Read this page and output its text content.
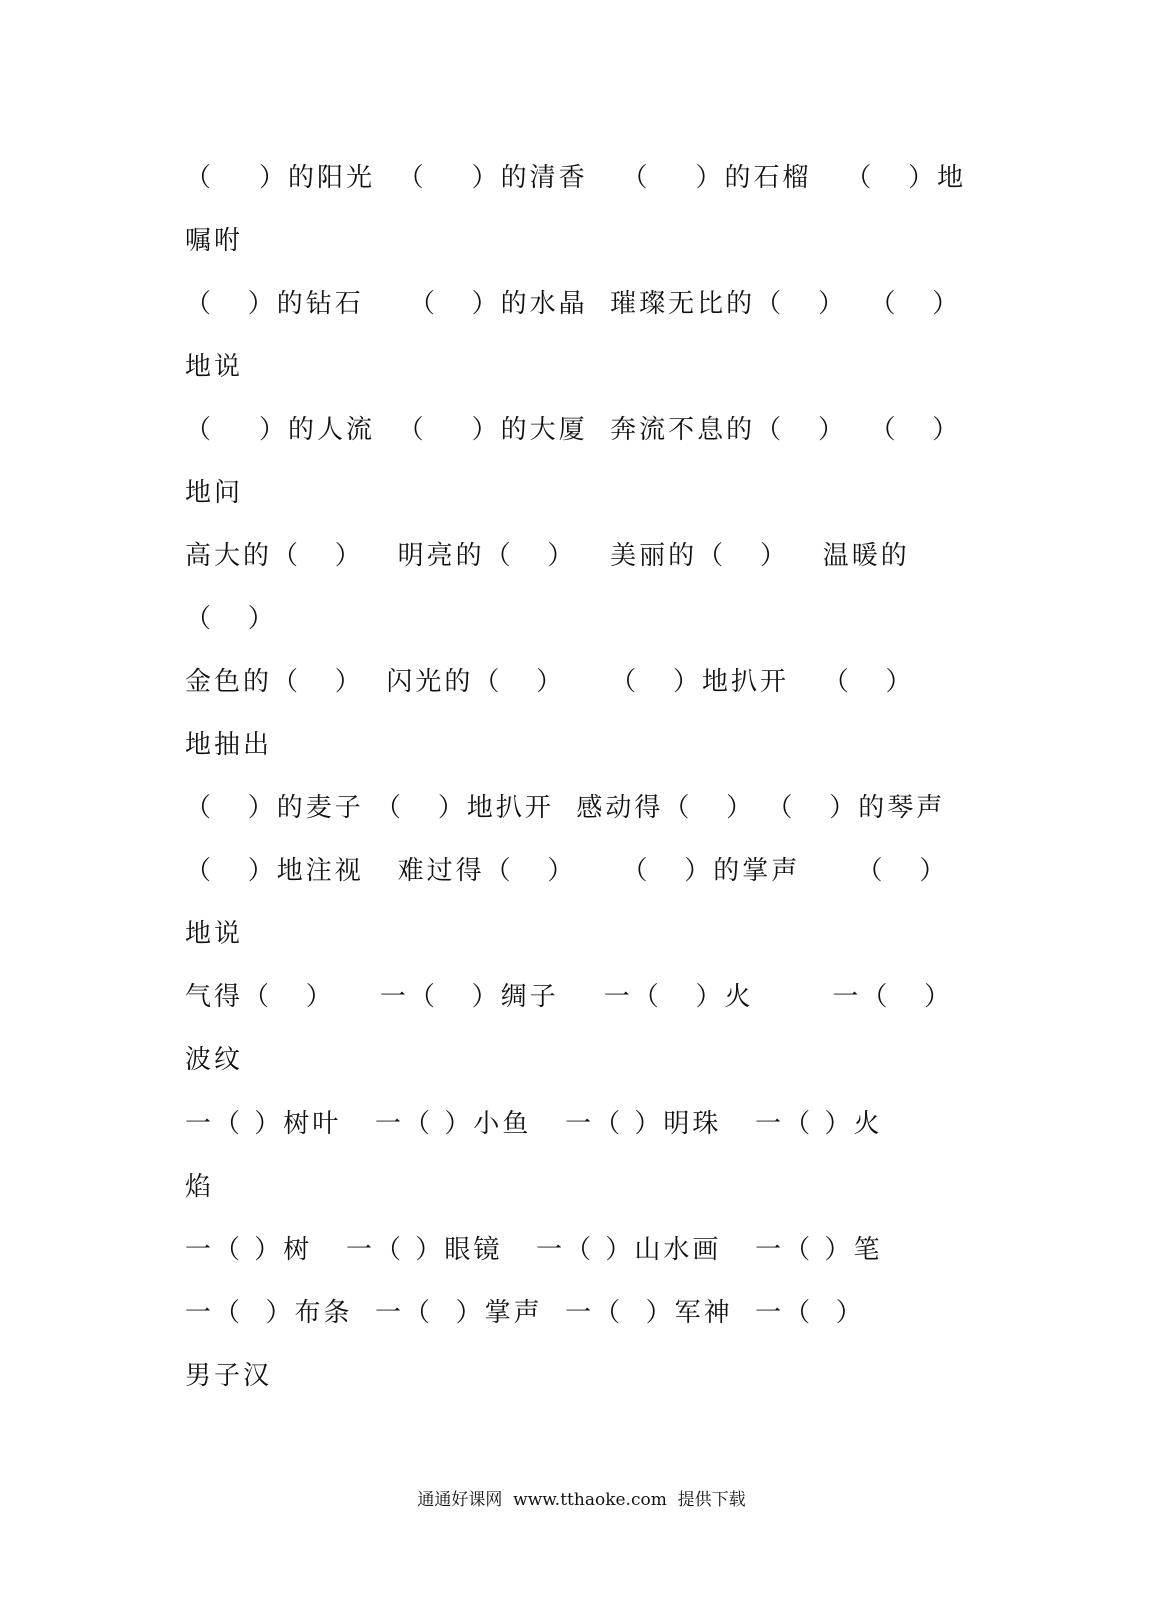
（    ）的阳光  （    ）的清香   （    ）的石榴   （   ）地
嘱咐
（   ）的钻石    （   ）的水晶  璀璨无比的（   ）  （   ）
地说
（    ）的人流  （    ）的大厦  奔流不息的（   ）  （   ）
地问
高大的（   ）   明亮的（   ）   美丽的（   ）   温暖的
（   ）
金色的（   ）  闪光的（   ）    （   ）地扒开   （   ）
地抽出
（   ）的麦子 （   ）地扒开  感动得（   ） （   ）的琴声
（   ）地注视   难过得（   ）    （   ）的掌声     （   ）
地说
气得（   ）    一（   ）绸子    一（   ）火       一（   ）
波纹
一（ ）树叶   一（ ）小鱼   一（ ）明珠   一（ ）火
焰
一（ ）树   一（ ）眼镜   一（ ）山水画   一（ ）笔
一（  ）布条  一（  ）掌声  一（  ）军神  一（  ）
男子汉
通通好课网  www.tthaoke.com  提供下载
